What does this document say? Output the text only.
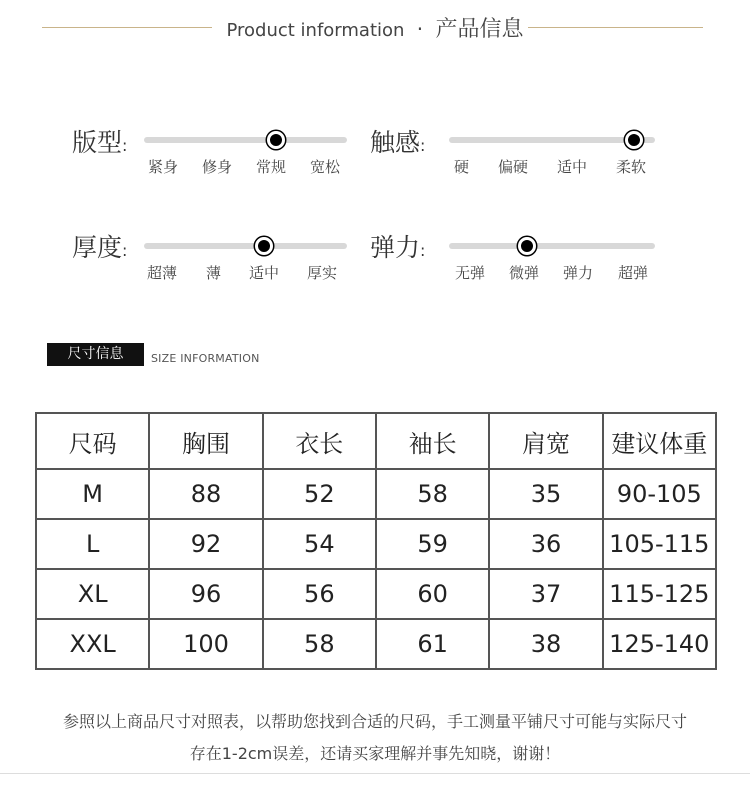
Product information · 产品信息
版型:
紧身 修身 常规 宽松
触感:
硬 偏硬 适中 柔软
厚度:
超薄 薄 适中 厚实
弹力:
无弹 微弹 弹力 超弹
尺寸信息	SIZE INFORMATION
尺码	胸围	衣长	袖长	肩宽	建议体重
M	88	52	58	35	90-105
L	92	54	59	36	105-115
XL	96	56	60	37	115-125
XXL	100	58	61	38	125-140
参照以上商品尺寸对照表，以帮助您找到合适的尺码，手工测量平铺尺寸可能与实际尺寸
存在1-2cm误差，还请买家理解并事先知晓，谢谢！
